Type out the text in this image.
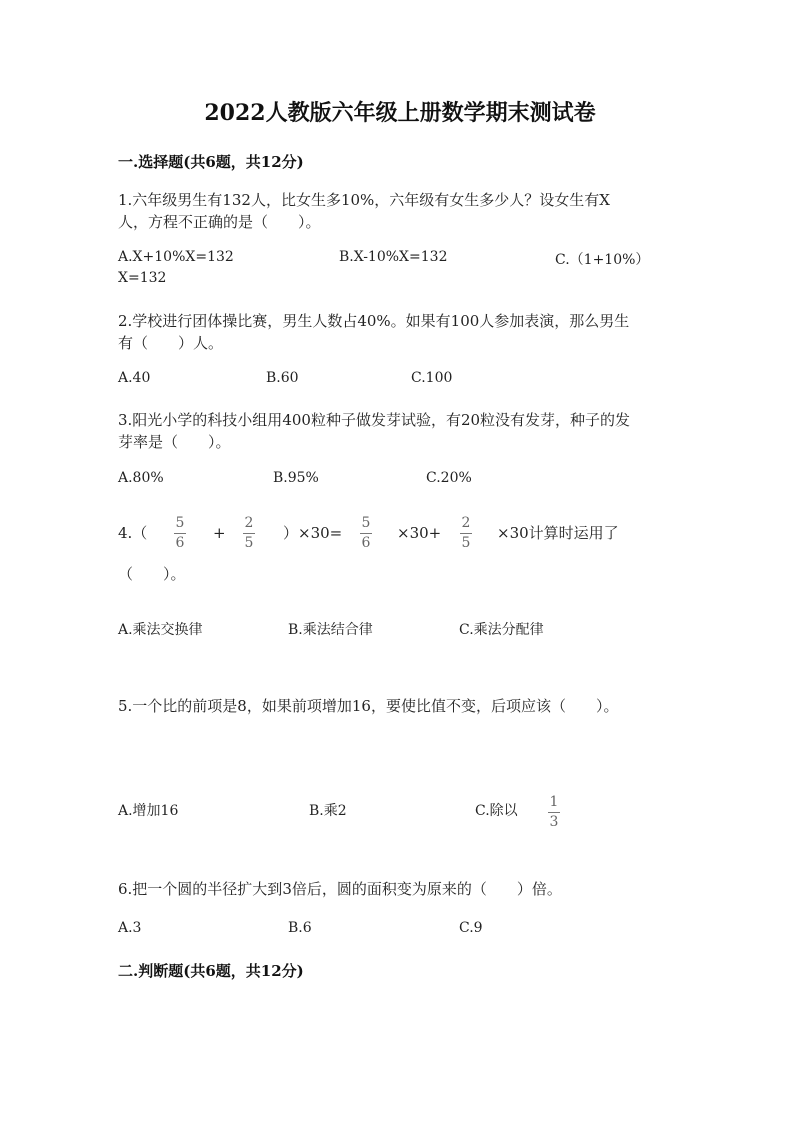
2022人教版六年级上册数学期末测试卷
一.选择题(共6题，共12分)
1.六年级男生有132人，比女生多10%，六年级有女生多少人？设女生有X
人，方程不正确的是（　　）。
A.X+10%X=132	B.X-10%X=132	C.（1+10%）
X=132
2.学校进行团体操比赛，男生人数占40%。如果有100人参加表演，那么男生
有（　　）人。
A.40	B.60	C.100
3.阳光小学的科技小组用400粒种子做发芽试验，有20粒没有发芽，种子的发
芽率是（　　）。
A.80%	B.95%	C.20%
4.（
5
6
+
2
5
）×30=
5
6
×30+
2
5
×30计算时运用了
（　　）。
A.乘法交换律	B.乘法结合律	C.乘法分配律
5.一个比的前项是8，如果前项增加16，要使比值不变，后项应该（　　）。
A.增加16	B.乘2	C.除以
1
3
6.把一个圆的半径扩大到3倍后，圆的面积变为原来的（　　）倍。
A.3	B.6	C.9
二.判断题(共6题，共12分)
